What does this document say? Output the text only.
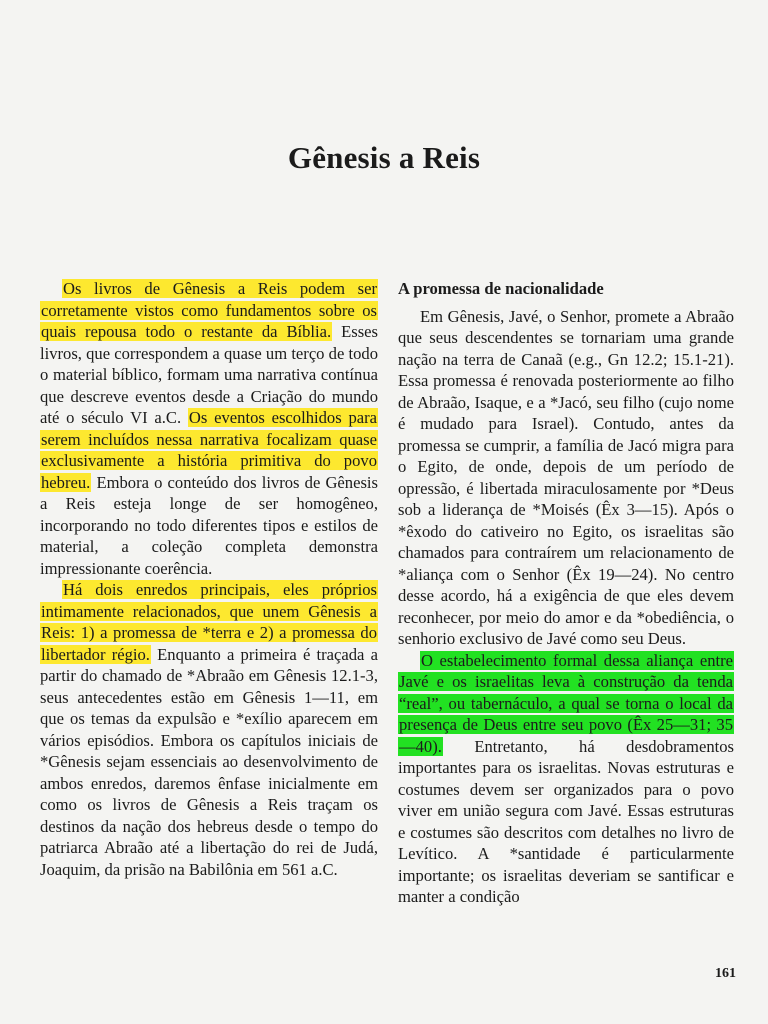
Gênesis a Reis

Os livros de Gênesis a Reis podem ser corretamente vistos como fundamentos sobre os quais repousa todo o restante da Bíblia. Esses livros, que correspondem a quase um terço de todo o material bíblico, formam uma narrativa contínua que descreve eventos desde a Criação do mundo até o século VI a.C. Os eventos escolhidos para serem incluídos nessa narrativa focalizam quase exclusivamente a história primitiva do povo hebreu. Embora o conteúdo dos livros de Gênesis a Reis esteja longe de ser homogêneo, incorporando no todo diferentes tipos e estilos de material, a coleção completa demonstra impressionante coerência.

Há dois enredos principais, eles próprios intimamente relacionados, que unem Gênesis a Reis: 1) a promessa de *terra e 2) a promessa do libertador régio. Enquanto a primeira é traçada a partir do chamado de *Abraão em Gênesis 12.1-3, seus antecedentes estão em Gênesis 1—11, em que os temas da expulsão e *exílio aparecem em vários episódios. Embora os capítulos iniciais de *Gênesis sejam essenciais ao desenvolvimento de ambos enredos, daremos ênfase inicialmente em como os livros de Gênesis a Reis traçam os destinos da nação dos hebreus desde o tempo do patriarca Abraão até a libertação do rei de Judá, Joaquim, da prisão na Babilônia em 561 a.C.

A promessa de nacionalidade

Em Gênesis, Javé, o Senhor, promete a Abraão que seus descendentes se tornariam uma grande nação na terra de Canaã (e.g., Gn 12.2; 15.1-21). Essa promessa é renovada posteriormente ao filho de Abraão, Isaque, e a *Jacó, seu filho (cujo nome é mudado para Israel). Contudo, antes da promessa se cumprir, a família de Jacó migra para o Egito, de onde, depois de um período de opressão, é libertada miraculosamente por *Deus sob a liderança de *Moisés (Êx 3—15). Após o *êxodo do cativeiro no Egito, os israelitas são chamados para contraírem um relacionamento de *aliança com o Senhor (Êx 19—24). No centro desse acordo, há a exigência de que eles devem reconhecer, por meio do amor e da *obediência, o senhorio exclusivo de Javé como seu Deus.

O estabelecimento formal dessa aliança entre Javé e os israelitas leva à construção da tenda “real”, ou tabernáculo, a qual se torna o local da presença de Deus entre seu povo (Êx 25—31; 35—40). Entretanto, há desdobramentos importantes para os israelitas. Novas estruturas e costumes devem ser organizados para o povo viver em união segura com Javé. Essas estruturas e costumes são descritos com detalhes no livro de Levítico. A *santidade é particularmente importante; os israelitas deveriam se santificar e manter a condição

161
